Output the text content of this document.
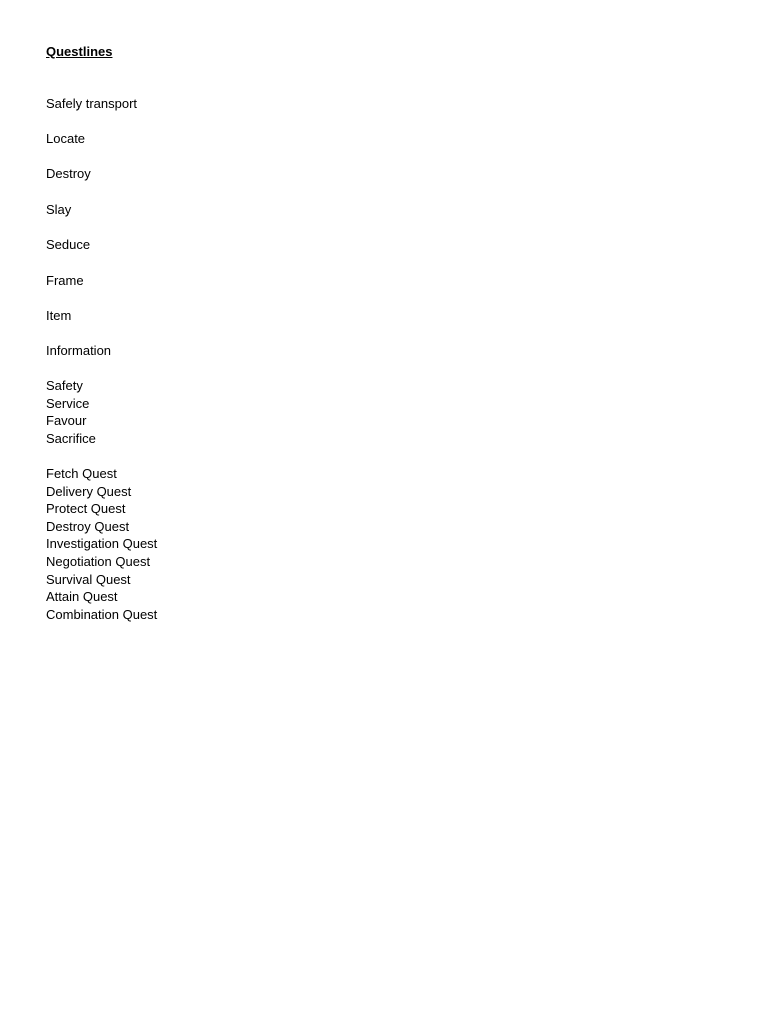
Questlines

Safely transport

Locate

Destroy

Slay

Seduce

Frame

Item

Information

Safety

Service

Favour

Sacrifice

Fetch Quest

Delivery Quest

Protect Quest

Destroy Quest

Investigation Quest

Negotiation Quest

Survival Quest

Attain Quest

Combination Quest
